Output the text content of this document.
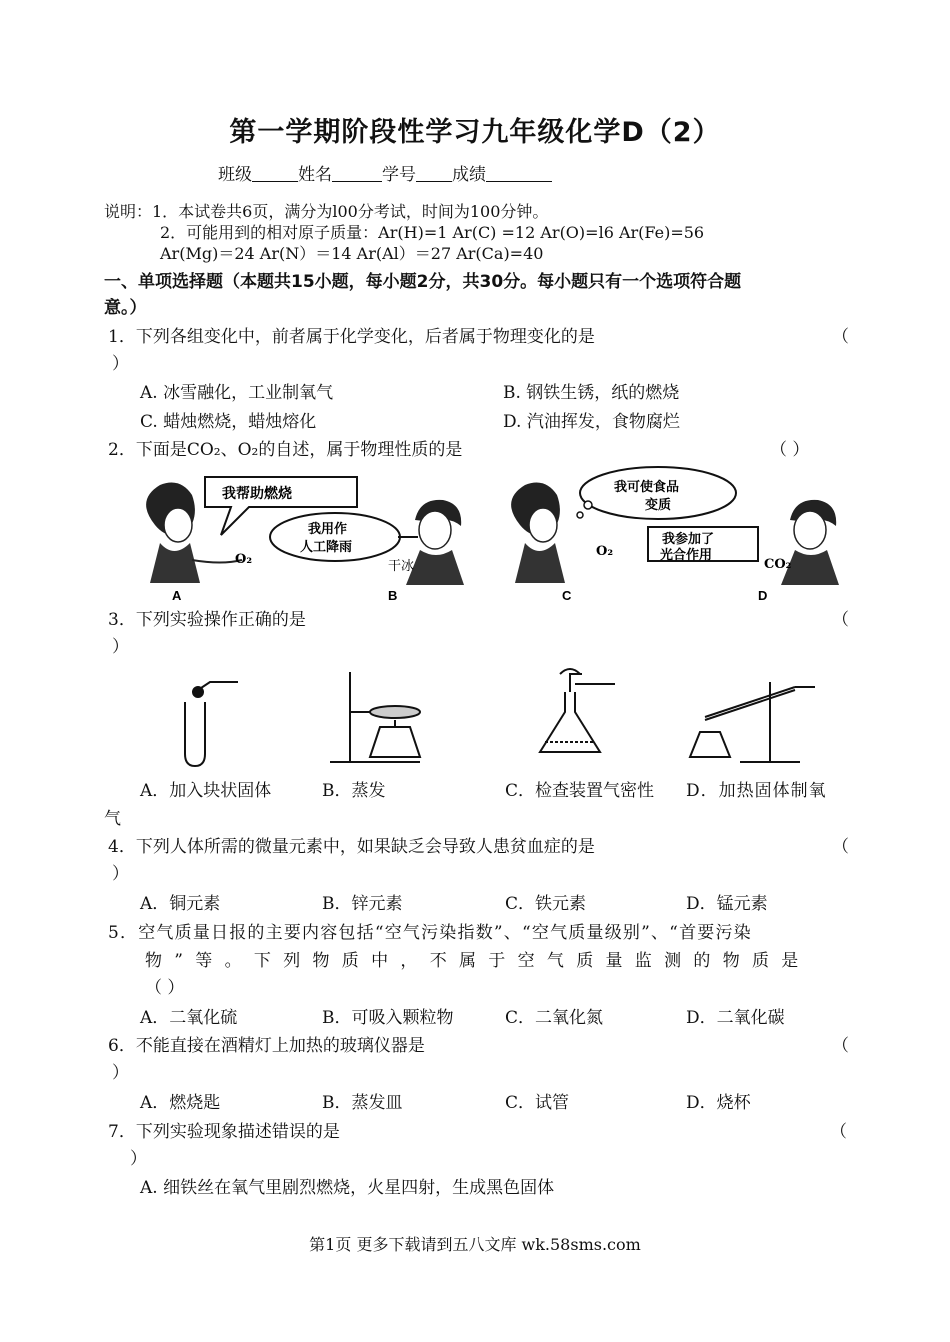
第一学期阶段性学习九年级化学D（2）
班级	姓名	学号 成绩
说明：1．本试卷共6页，满分为l00分考试，时间为100分钟。
2．可能用到的相对原子质量：Ar(H)=1 Ar(C) =12 Ar(O)=l6 Ar(Fe)=56
Ar(Mg)＝24 Ar(N）＝14 Ar(Al）＝27 Ar(Ca)=40
一、单项选择题（本题共15小题，每小题2分，共30分。每小题只有一个选项符合题
意。）
1．下列各组变化中，前者属于化学变化，后者属于物理变化的是	（
）
A. 冰雪融化，工业制氧气	B. 钢铁生锈，纸的燃烧
C. 蜡烛燃烧，蜡烛熔化	D. 汽油挥发，食物腐烂
2．下面是CO₂、O₂的自述，属于物理性质的是	（ ）
我帮助燃烧
O₂
我用作
人工降雨
干冰
O₂
我可使食品
变质
我参加了
光合作用
CO₂
A	B	C	D
3．下列实验操作正确的是	（
）
A．加入块状固体	B．蒸发	C．检查装置气密性 D．加热固体制氧
气
4．下列人体所需的微量元素中，如果缺乏会导致人患贫血症的是	（
）
A．铜元素	B．锌元素	C．铁元素	D．锰元素
5．空气质量日报的主要内容包括“空气污染指数”、“空气质量级别”、“首要污染
物”等。下列物质中，不属于空气质量监测的物质是
（ ）
A．二氧化硫	B．可吸入颗粒物	C．二氧化氮	D．二氧化碳
6．不能直接在酒精灯上加热的玻璃仪器是	（
）
A．燃烧匙	B．蒸发皿	C．试管	D．烧杯
7．下列实验现象描述错误的是	（
）
A. 细铁丝在氧气里剧烈燃烧，火星四射，生成黑色固体
第1页 更多下载请到五八文库 wk.58sms.com
